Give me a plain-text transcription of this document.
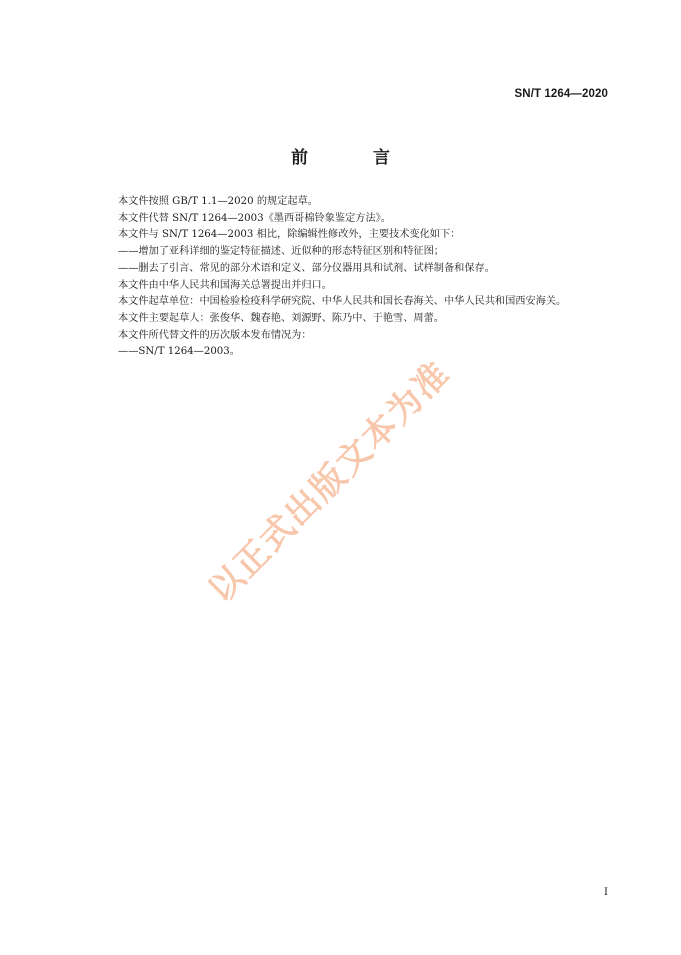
SN/T 1264—2020
前　言

本文件按照 GB/T 1.1—2020 的规定起草。

本文件代替 SN/T 1264—2003《墨西哥棉铃象鉴定方法》。

本文件与 SN/T 1264—2003 相比，除编辑性修改外，主要技术变化如下：

——增加了亚科详细的鉴定特征描述、近似种的形态特征区别和特征图；

——删去了引言、常见的部分术语和定义、部分仪器用具和试剂、试样制备和保存。

本文件由中华人民共和国海关总署提出并归口。

本文件起草单位：中国检验检疫科学研究院、中华人民共和国长春海关、中华人民共和国西安海关。

本文件主要起草人：张俊华、魏春艳、刘源野、陈乃中、于艳雪、周蕾。

本文件所代替文件的历次版本发布情况为：

——SN/T 1264—2003。

以正式出版文本为准
I
